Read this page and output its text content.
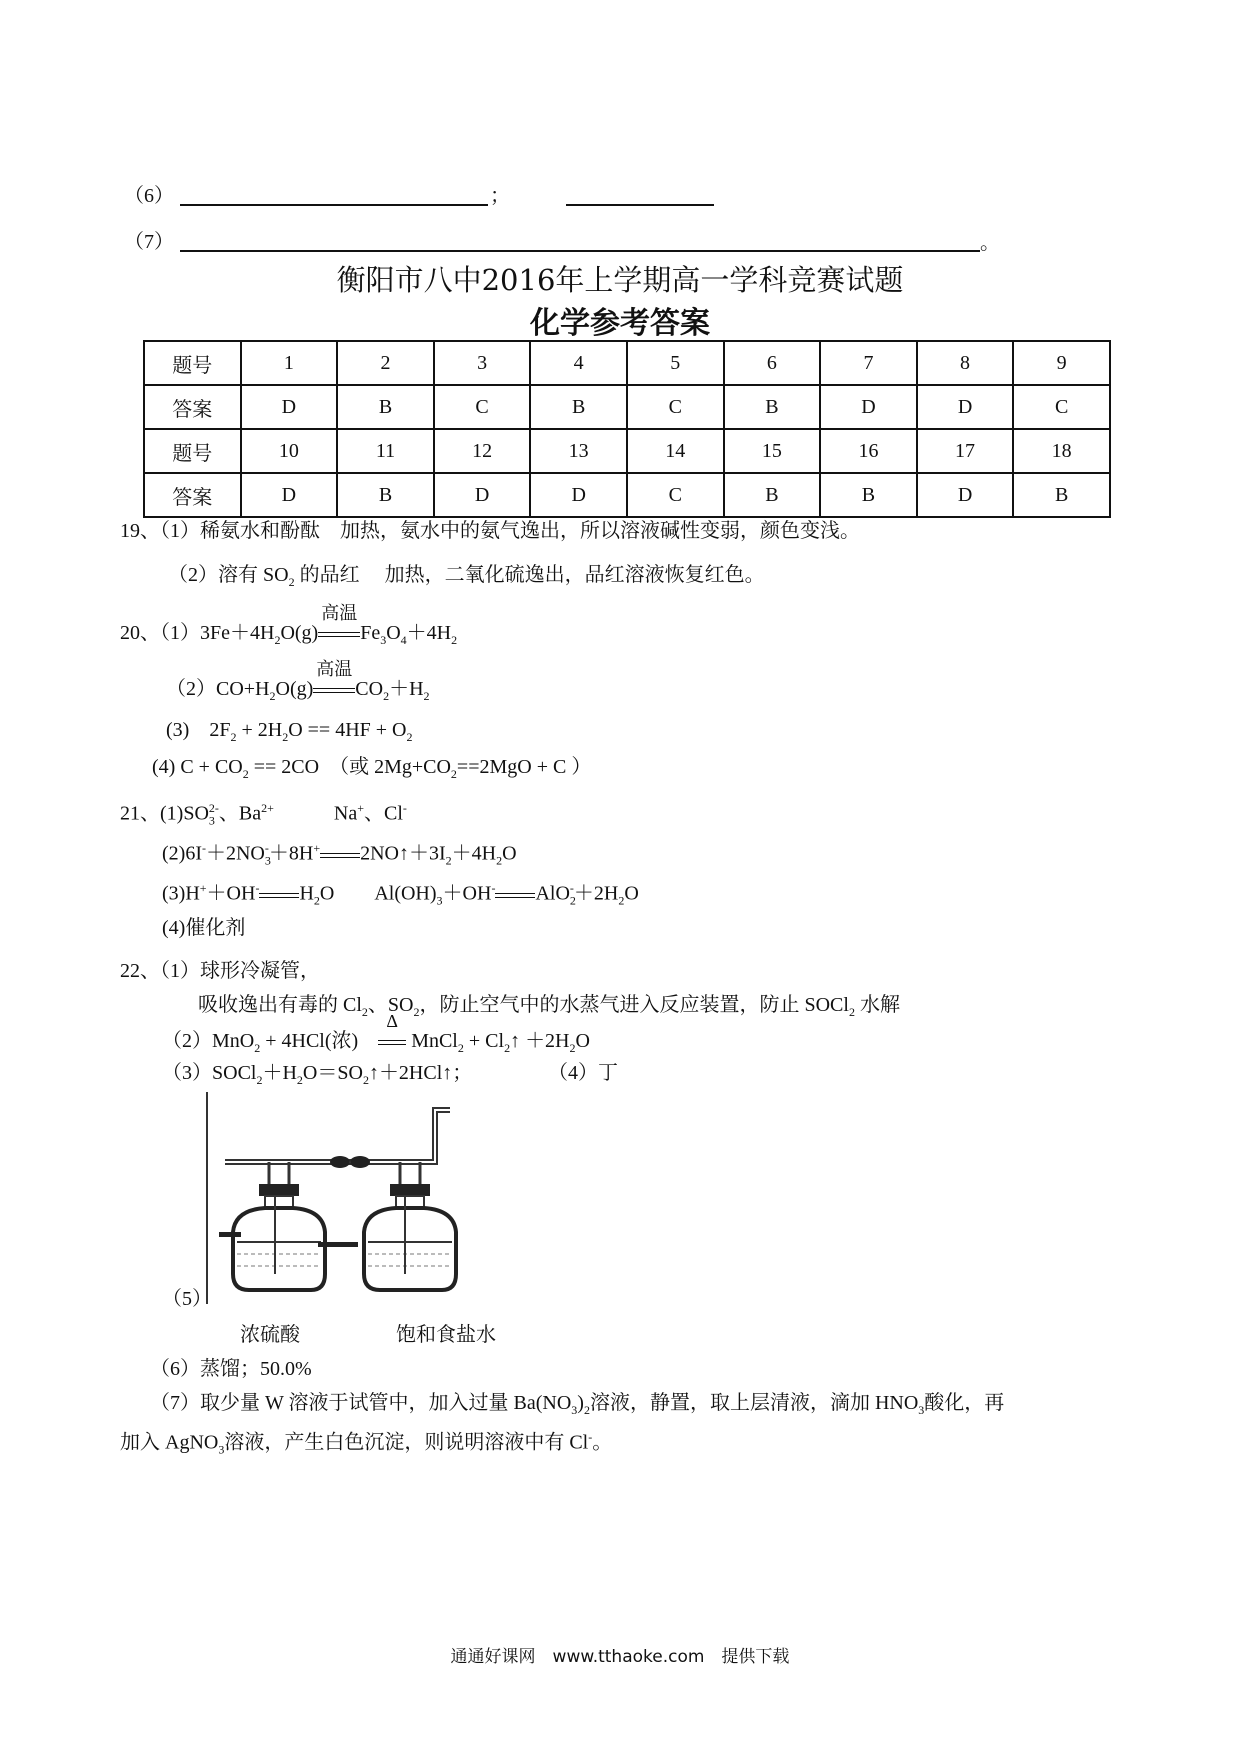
（6）	；
（7）	。
衡阳市八中2016年上学期高一学科竞赛试题
化学参考答案
题号	1	2	3	4	5	6	7	8	9
答案	D	B	C	B	C	B	D	D	C
题号	10	11	12	13	14	15	16	17	18
答案	D	B	D	D	C	B	B	D	B
19、（1）稀氨水和酚酞　加热，氨水中的氨气逸出，所以溶液碱性变弱，颜色变浅。
（2）溶有 $SO_2$ 的品红　 加热，二氧化硫逸出，品红溶液恢复红色。
20、$(1)3Fe+4H_2O(g)$
高温
$Fe_3O_4+4H_2$
$(2)CO+H_2O(g)$
高温
$CO_2+H_2$
(3)　$2F_2 + 2H_2O == 4HF + O_2$
(4) $C + CO_2 == 2CO$　（或 $2Mg+CO_2==2MgO + C$ ）
21、$(1)SO_3^{2-}$、$Ba^{2+}$　　　Na+、Cl-
$(2)6I^-+2NO_3^-+8H^+$ $2NO↑+3I_2+4H_2O$
(3)H+＋OH- $H_2O$　　$Al(OH)_3+OH^-$ $AlO_2^-+2H_2O$
(4)催化剂
22、（1）球形冷凝管，
吸收逸出有毒的 $Cl_2$、$SO_2$，防止空气中的水蒸气进入反应装置，防止 SOCl$_2$ 水解
（2）MnO$_2$ + 4HCl(浓)　
Δ
MnCl$_2$ + $Cl_2↑ +2H_2O$
$(3)SOCl_2+H_2O=SO_2↑+2HCl↑$；	（4）丁
（5）
浓硫酸	饱和食盐水
（6）蒸馏；50.0%
（7）取少量 W 溶液于试管中，加入过量 $Ba(NO_3)_2$溶液，静置，取上层清液，滴加 $HNO_3$酸化，再
加入 AgNO$_3$溶液，产生白色沉淀，则说明溶液中有 Cl-。
通通好课网　www.tthaoke.com　提供下载
